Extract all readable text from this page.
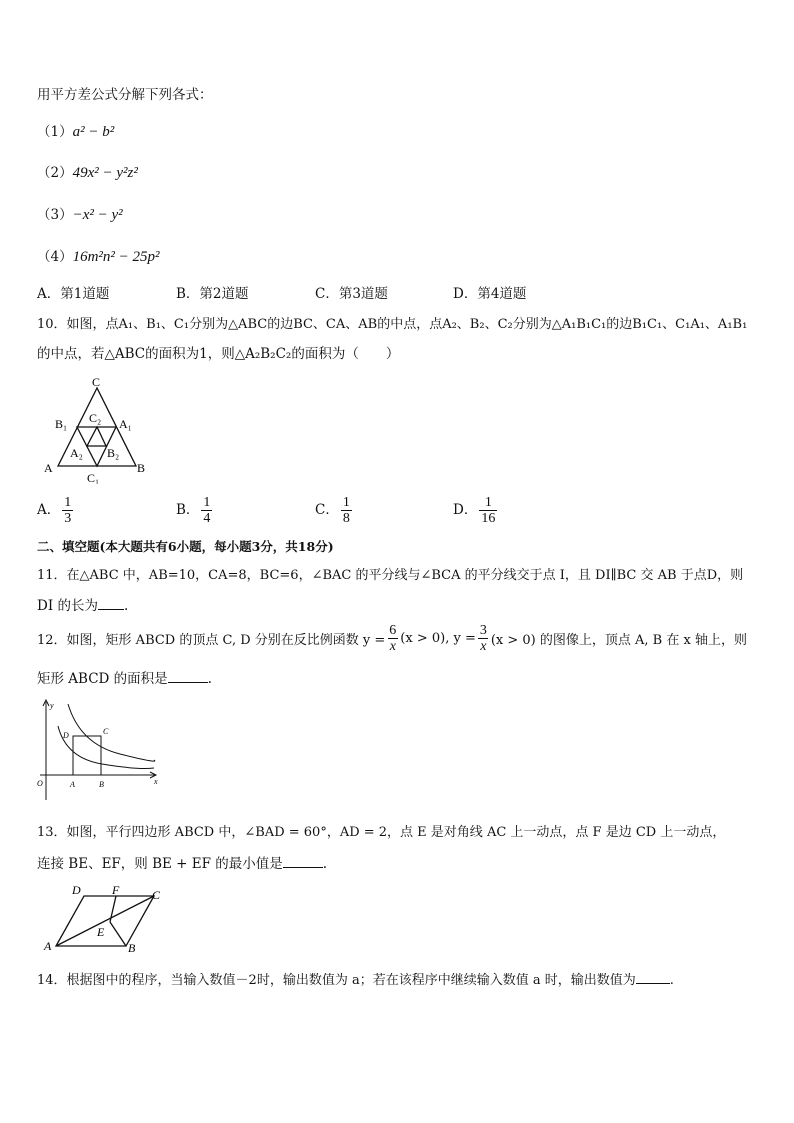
用平方差公式分解下列各式：
（1）a² − b²
（2）49x² − y²z²
（3）−x² − y²
（4）16m²n² − 25p²
A．第1道题	B．第2道题	C．第3道题	D．第4道题
10．如图，点A₁、B₁、C₁分别为△ABC的边BC、CA、AB的中点，点A₂、B₂、C₂分别为△A₁B₁C₁的边B₁C₁、C₁A₁、A₁B₁
的中点，若△ABC的面积为1，则△A₂B₂C₂的面积为（　　）
C
A	B
A₁
B₁
C₁
A₂ B₂
C₂
A． $\frac{1}{3}$	B． $\frac{1}{4}$	C． $\frac{1}{8}$	D． $\frac{1}{16}$
二、填空题(本大题共有6小题，每小题3分，共18分)
11．在△ABC 中，AB=10，CA=8，BC=6，∠BAC 的平分线与∠BCA 的平分线交于点 I，且 DI∥BC 交 AB 于点D，则
DI 的长为 .
12．如图，矩形 ABCD 的顶点 C, D 分别在反比例函数 $y = \frac{6}{x} (x > 0)$, $y = \frac{3}{x} (x > 0)$ 的图像上，顶点 A, B 在 x 轴上，则
矩形 ABCD 的面积是	.
y
x
O	A	B
C
D
13．如图，平行四边形 ABCD 中，∠BAD = 60°，AD = 2，点 E 是对角线 AC 上一动点，点 F 是边 CD 上一动点，
连接 BE、EF，则 BE + EF 的最小值是	.
A	B
C
D
E
F
14．根据图中的程序，当输入数值－2时，输出数值为 a；若在该程序中继续输入数值 a 时，输出数值为	.
